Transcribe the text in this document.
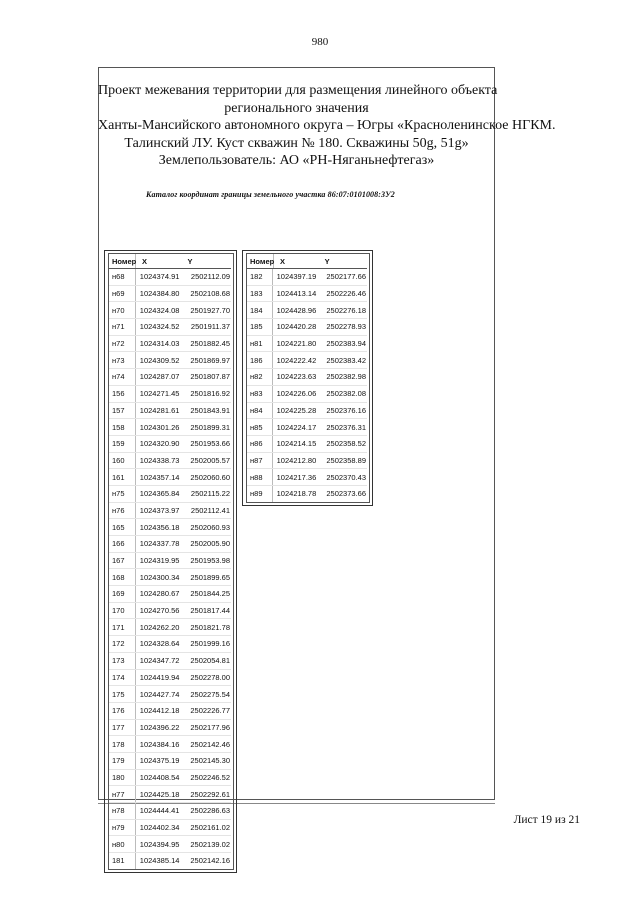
980
Проект межевания территории для размещения линейного объекта
регионального значения
Ханты-Мансийского автономного округа – Югры «Красноленинское НГКМ.
Талинский ЛУ. Куст скважин № 180. Скважины 50g, 51g»
Землепользователь: АО «РН-Няганьнефтегаз»
Каталог координат границы земельного участка 86:07:0101008:ЗУ2
Номер X	Y
н68	1024374.91	2502112.09
н69	1024384.80	2502108.68
н70	1024324.08	2501927.70
н71	1024324.52	2501911.37
н72	1024314.03	2501882.45
н73	1024309.52	2501869.97
н74	1024287.07	2501807.87
156	1024271.45	2501816.92
157	1024281.61	2501843.91
158	1024301.26	2501899.31
159	1024320.90	2501953.66
160	1024338.73	2502005.57
161	1024357.14	2502060.60
н75	1024365.84	2502115.22
н76	1024373.97	2502112.41
165	1024356.18	2502060.93
166	1024337.78	2502005.90
167	1024319.95	2501953.98
168	1024300.34	2501899.65
169	1024280.67	2501844.25
170	1024270.56	2501817.44
171	1024262.20	2501821.78
172	1024328.64	2501999.16
173	1024347.72	2502054.81
174	1024419.94	2502278.00
175	1024427.74	2502275.54
176	1024412.18	2502226.77
177	1024396.22	2502177.96
178	1024384.16	2502142.46
179	1024375.19	2502145.30
180	1024408.54	2502246.52
н77	1024425.18	2502292.61
н78	1024444.41	2502286.63
н79	1024402.34	2502161.02
н80	1024394.95	2502139.02
181	1024385.14	2502142.16
Номер X	Y
182	1024397.19	2502177.66
183	1024413.14	2502226.46
184	1024428.96	2502276.18
185	1024420.28	2502278.93
н81	1024221.80	2502383.94
186	1024222.42	2502383.42
н82	1024223.63	2502382.98
н83	1024226.06	2502382.08
н84	1024225.28	2502376.16
н85	1024224.17	2502376.31
н86	1024214.15	2502358.52
н87	1024212.80	2502358.89
н88	1024217.36	2502370.43
н89	1024218.78	2502373.66
Лист 19 из 21
